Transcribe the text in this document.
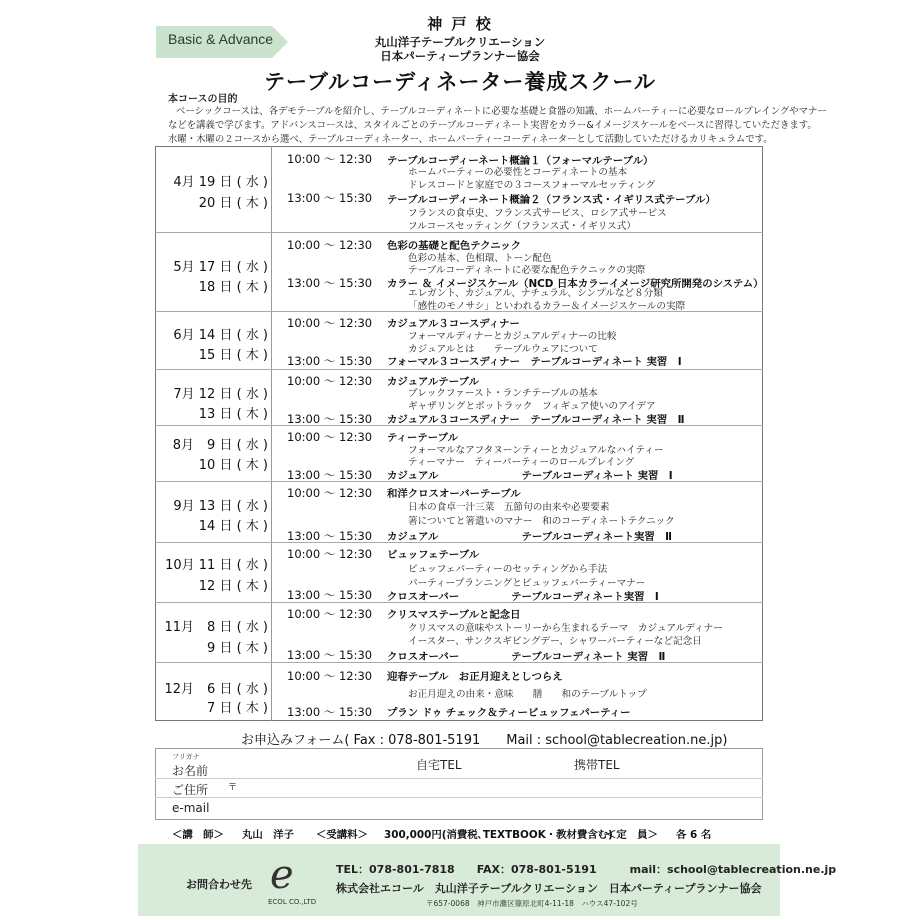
Basic & Advance
神 戸 校
丸山洋子テーブルクリエーション
日本パーティープランナー協会
テーブルコーディネーター養成スクール
本コースの目的
ベーシックコースは、各デモテーブルを紹介し、テーブルコーディネートに必要な基礎と食器の知識、ホームパーティーに必要なロールプレイングやマナー
などを講義で学びます。アドバンスコースは、スタイルごとのテーブルコーディネート実習をカラー&イメージスケールをベースに習得していただきます。
水曜・木曜の２コースから選べ、テーブルコーディネーター、ホームパーティーコーディネーターとして活動していただけるカリキュラムです。
4月 19 日 ( 水 )
20 日 ( 木 )
10:00 ～ 12:30
13:00 ～ 15:30
テーブルコーディーネート概論１（フォーマルテーブル）
ホームパーティーの必要性とコーディネートの基本
ドレスコードと家庭での３コースフォーマルセッティング
テーブルコーディーネート概論２（フランス式・イギリス式テーブル）
フランスの食卓史、フランス式サービス、ロシア式サービス
フルコースセッティング（フランス式・イギリス式）
5月 17 日 ( 水 )
18 日 ( 木 )
10:00 ～ 12:30
13:00 ～ 15:30
色彩の基礎と配色テクニック
色彩の基本、色相環、トーン配色
テーブルコーディネートに必要な配色テクニックの実際
カラー ＆ イメージスケール（NCD 日本カラーイメージ研究所開発のシステム）
エレガント、カジュアル、ナチュラル、シンプルなど８分類
「感性のモノサシ」といわれるカラー＆イメージスケールの実際
6月 14 日 ( 水 )
15 日 ( 木 )
10:00 ～ 12:30
13:00 ～ 15:30
カジュアル３コースディナー
フォーマルディナーとカジュアルディナーの比較
カジュアルとは　　テーブルウェアについて
フォーマル３コースディナー　テーブルコーディネート 実習　Ⅰ
7月 12 日 ( 水 )
13 日 ( 木 )
10:00 ～ 12:30
13:00 ～ 15:30
カジュアルテーブル
ブレックファースト・ランチテーブルの基本
ギャザリングとポットラック　フィギュア使いのアイデア
カジュアル３コースディナー　テーブルコーディネート 実習　Ⅱ
8月　9 日 ( 水 )
10 日 ( 木 )
10:00 ～ 12:30
13:00 ～ 15:30
ティーテーブル
フォーマルなアフタヌーンティーとカジュアルなハイティー
ティーマナー　ティーパーティーのロールプレイング
カジュアル　　　　　　　　テーブルコーディネート 実習　Ⅰ
9月 13 日 ( 水 )
14 日 ( 木 )
10:00 ～ 12:30
13:00 ～ 15:30
和洋クロスオーバーテーブル
日本の食卓一汁三菜　五節句の由来や必要要素
箸についてと箸遣いのマナー　和のコーディネートテクニック
カジュアル　　　　　　　　テーブルコーディネート実習　Ⅱ
10月 11 日 ( 水 )
12 日 ( 木 )
10:00 ～ 12:30
13:00 ～ 15:30
ビュッフェテーブル
ビュッフェパーティーのセッティングから手法
パーティープランニングとビュッフェパーティーマナー
クロスオーバー　　　　　テーブルコーディネート実習　Ⅰ
11月　8 日 ( 水 )
9 日 ( 木 )
10:00 ～ 12:30
13:00 ～ 15:30
クリスマステーブルと記念日
クリスマスの意味やストーリーから生まれるテーマ　カジュアルディナー
イースター、サンクスギビングデー、シャワーパーティーなど記念日
クロスオーバー　　　　　テーブルコーディネート 実習　Ⅱ
12月　6 日 ( 水 )
7 日 ( 木 )
10:00 ～ 12:30
13:00 ～ 15:30
迎春テーブル　お正月迎えとしつらえ
お正月迎えの由来・意味　　膳　　和のテーブルトップ
プラン ドゥ チェック＆ティービュッフェパーティー
お申込みフォーム( Fax : 078-801-5191　　Mail : school@tablecreation.ne.jp)
フリガナ
お名前	自宅TEL	携帯TEL
ご住所 〒
e-mail
＜講　師＞ 丸山　洋子 ＜受講料＞ 300,000円(消費税､TEXTBOOK・教材費含む)
＜定　員＞ 各 6 名
お問合わせ先 e
ECOL CO.,LTD
TEL：078-801-7818　　FAX：078-801-5191　　　mail：school@tablecreation.ne.jp
株式会社エコール　丸山洋子テーブルクリエーション　日本パーティープランナー協会
〒657-0068　神戸市灘区篠原北町4-11-18　ハウス47-102号
